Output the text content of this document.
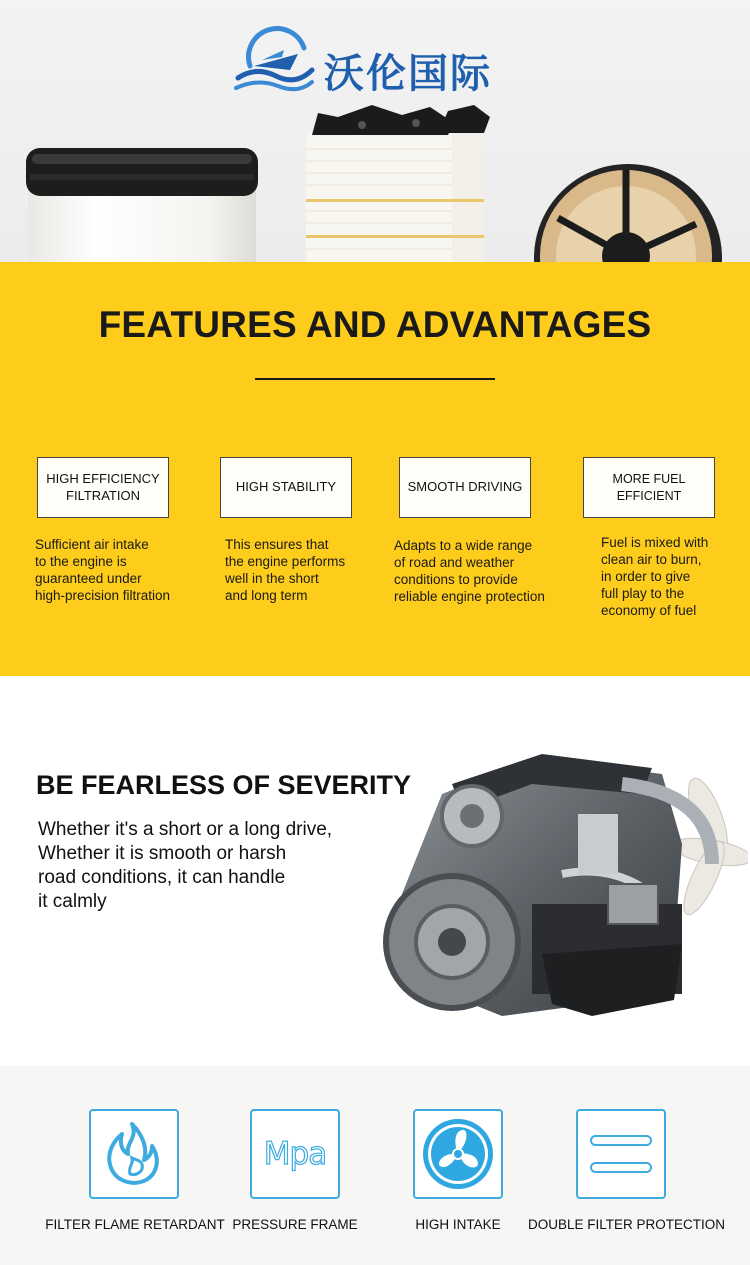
沃伦国际
FEATURES AND ADVANTAGES
HIGH EFFICIENCY
FILTRATION
HIGH STABILITY	SMOOTH DRIVING	MORE FUEL EFFICIENT
Sufficient air intake
to the engine is
guaranteed under
high-precision filtration
This ensures that
the engine performs
well in the short
and long term
Adapts to a wide range
of road and weather
conditions to provide
reliable engine protection
Fuel is mixed with
clean air to burn,
in order to give
full play to the
economy of fuel
BE FEARLESS OF SEVERITY

Whether it's a short or a long drive,
Whether it is smooth or harsh
road conditions, it can handle
it calmly

Mpa
FILTER FLAME RETARDANT PRESSURE FRAME	HIGH INTAKE	DOUBLE FILTER PROTECTION
